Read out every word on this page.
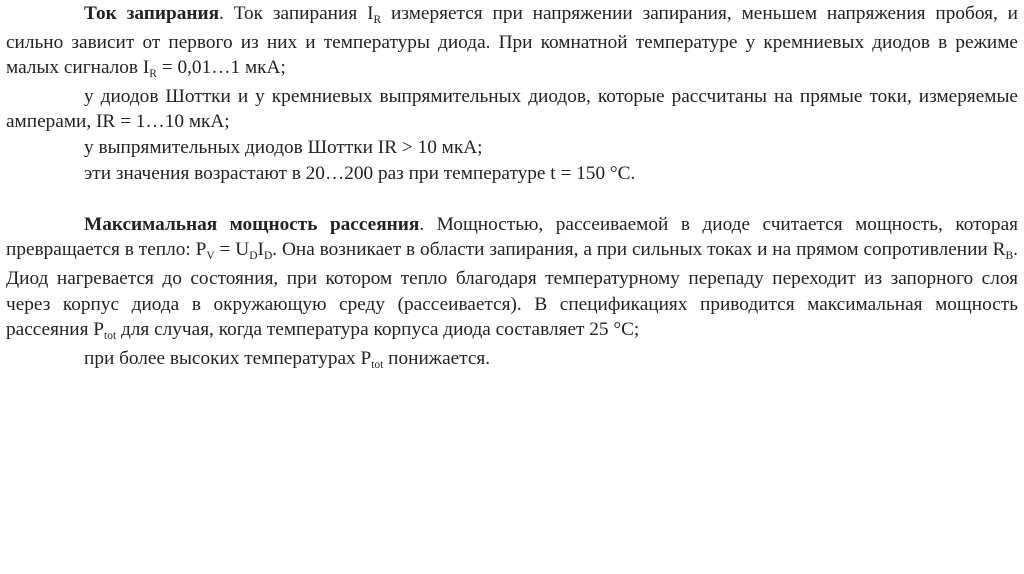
Ток запирания. Ток запирания $I_R$ измеряется при напряжении запирания, меньшем напряжения пробоя, и сильно зависит от первого из них и температуры диода. При комнатной температуре у кремниевых диодов в режиме малых сигналов $I_R$ = 0,01…1 мкА;

у диодов Шоттки и у кремниевых выпрямительных диодов, которые рассчитаны на прямые токи, измеряемые амперами, IR = 1…10 мкА;

у выпрямительных диодов Шоттки IR > 10 мкА;

эти значения возрастают в 20…200 раз при температуре t = 150 °С.

Максимальная мощность рассеяния. Мощностью, рассеиваемой в диоде считается мощность, которая превращается в тепло: $P_V = U_DI_D$. Она возникает в области запирания, а при сильных токах и на прямом сопротивлении $R_B$. Диод нагревается до состояния, при котором тепло благодаря температурному перепаду переходит из запорного слоя через корпус диода в окружающую среду (рассеивается). В спецификациях приводится максимальная мощность рассеяния $P_{tot}$ для случая, когда температура корпуса диода составляет 25 °С;

при более высоких температурах $P_{tot}$ понижается.
